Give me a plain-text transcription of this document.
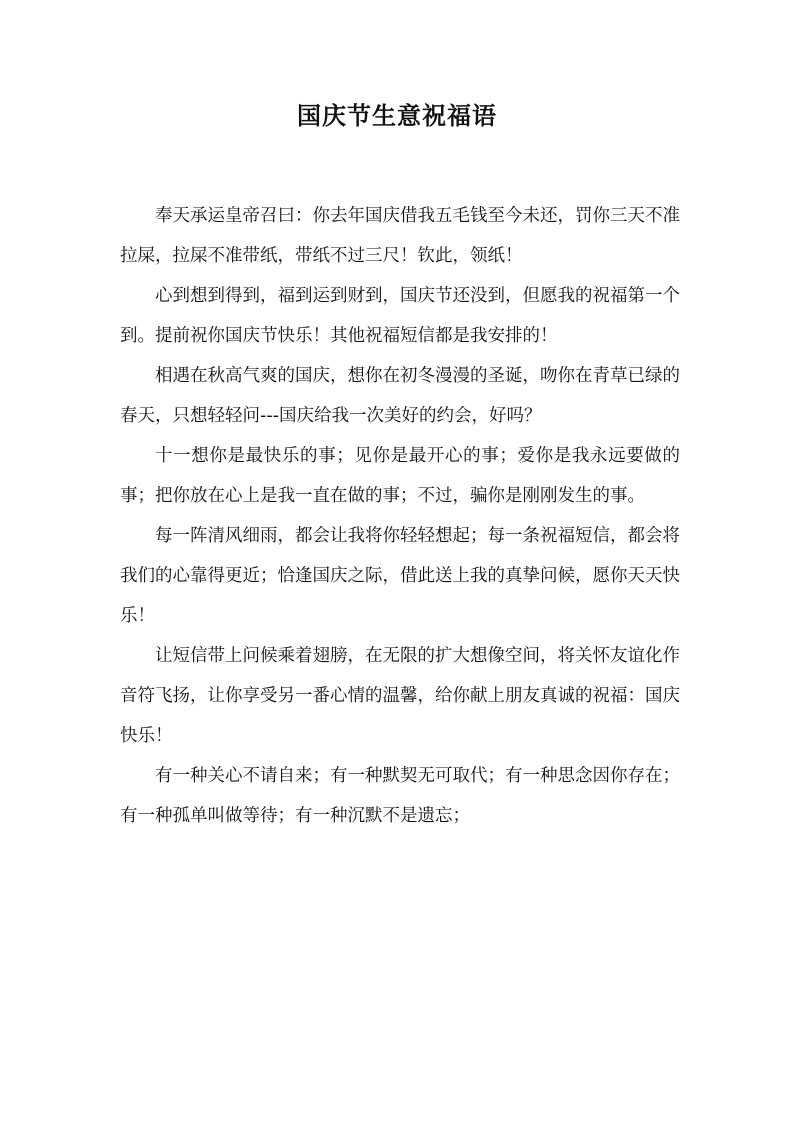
国庆节生意祝福语

奉天承运皇帝召曰：你去年国庆借我五毛钱至今未还，罚你三天不准拉屎，拉屎不准带纸，带纸不过三尺！钦此，领纸！

心到想到得到，福到运到财到，国庆节还没到，但愿我的祝福第一个到。提前祝你国庆节快乐！其他祝福短信都是我安排的！

相遇在秋高气爽的国庆，想你在初冬漫漫的圣诞，吻你在青草已绿的春天，只想轻轻问---国庆给我一次美好的约会，好吗？

十一想你是最快乐的事；见你是最开心的事；爱你是我永远要做的事；把你放在心上是我一直在做的事；不过，骗你是刚刚发生的事。

每一阵清风细雨，都会让我将你轻轻想起；每一条祝福短信，都会将我们的心靠得更近；恰逢国庆之际，借此送上我的真挚问候，愿你天天快乐！

让短信带上问候乘着翅膀，在无限的扩大想像空间，将关怀友谊化作音符飞扬，让你享受另一番心情的温馨，给你献上朋友真诚的祝福：国庆快乐！

有一种关心不请自来；有一种默契无可取代；有一种思念因你存在；有一种孤单叫做等待；有一种沉默不是遗忘；
